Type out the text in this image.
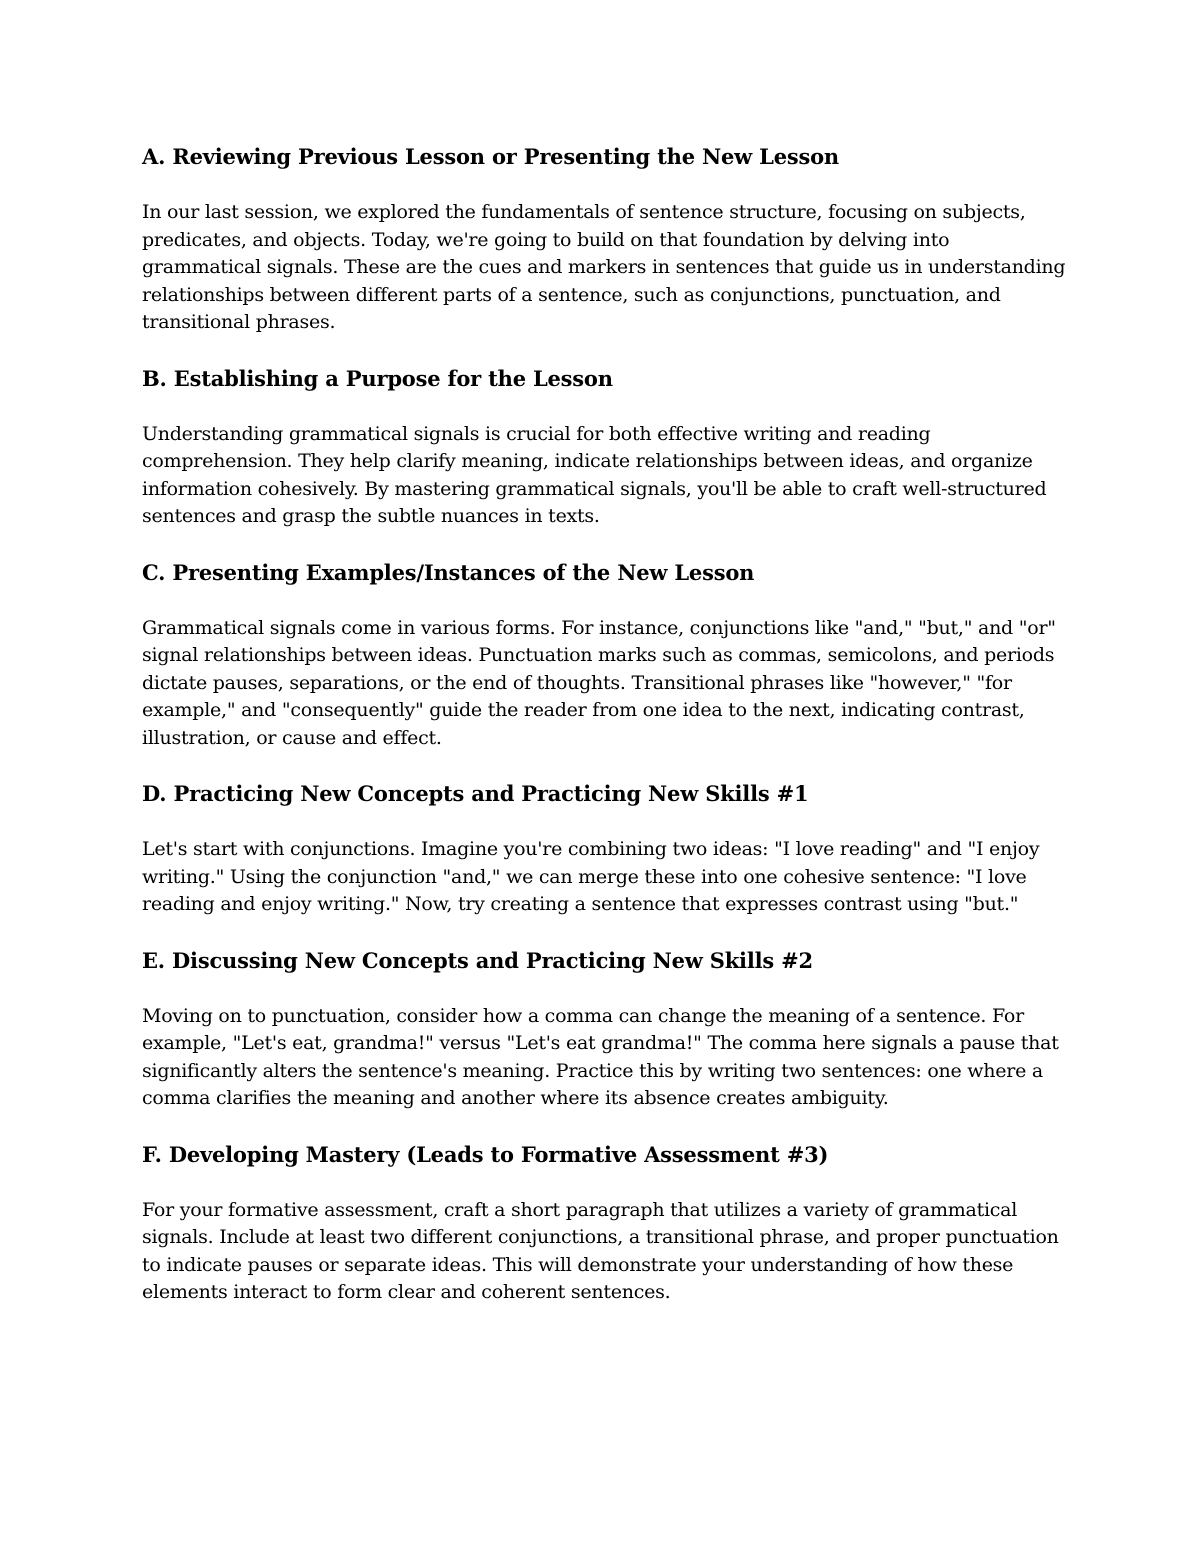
A. Reviewing Previous Lesson or Presenting the New Lesson

In our last session, we explored the fundamentals of sentence structure, focusing on subjects, predicates, and objects. Today, we're going to build on that foundation by delving into grammatical signals. These are the cues and markers in sentences that guide us in understanding relationships between different parts of a sentence, such as conjunctions, punctuation, and transitional phrases.

B. Establishing a Purpose for the Lesson

Understanding grammatical signals is crucial for both effective writing and reading comprehension. They help clarify meaning, indicate relationships between ideas, and organize information cohesively. By mastering grammatical signals, you'll be able to craft well-structured sentences and grasp the subtle nuances in texts.

C. Presenting Examples/Instances of the New Lesson

Grammatical signals come in various forms. For instance, conjunctions like "and," "but," and "or" signal relationships between ideas. Punctuation marks such as commas, semicolons, and periods dictate pauses, separations, or the end of thoughts. Transitional phrases like "however," "for example," and "consequently" guide the reader from one idea to the next, indicating contrast, illustration, or cause and effect.

D. Practicing New Concepts and Practicing New Skills #1

Let's start with conjunctions. Imagine you're combining two ideas: "I love reading" and "I enjoy writing." Using the conjunction "and," we can merge these into one cohesive sentence: "I love reading and enjoy writing." Now, try creating a sentence that expresses contrast using "but."

E. Discussing New Concepts and Practicing New Skills #2

Moving on to punctuation, consider how a comma can change the meaning of a sentence. For example, "Let's eat, grandma!" versus "Let's eat grandma!" The comma here signals a pause that significantly alters the sentence's meaning. Practice this by writing two sentences: one where a comma clarifies the meaning and another where its absence creates ambiguity.

F. Developing Mastery (Leads to Formative Assessment #3)

For your formative assessment, craft a short paragraph that utilizes a variety of grammatical signals. Include at least two different conjunctions, a transitional phrase, and proper punctuation to indicate pauses or separate ideas. This will demonstrate your understanding of how these elements interact to form clear and coherent sentences.
